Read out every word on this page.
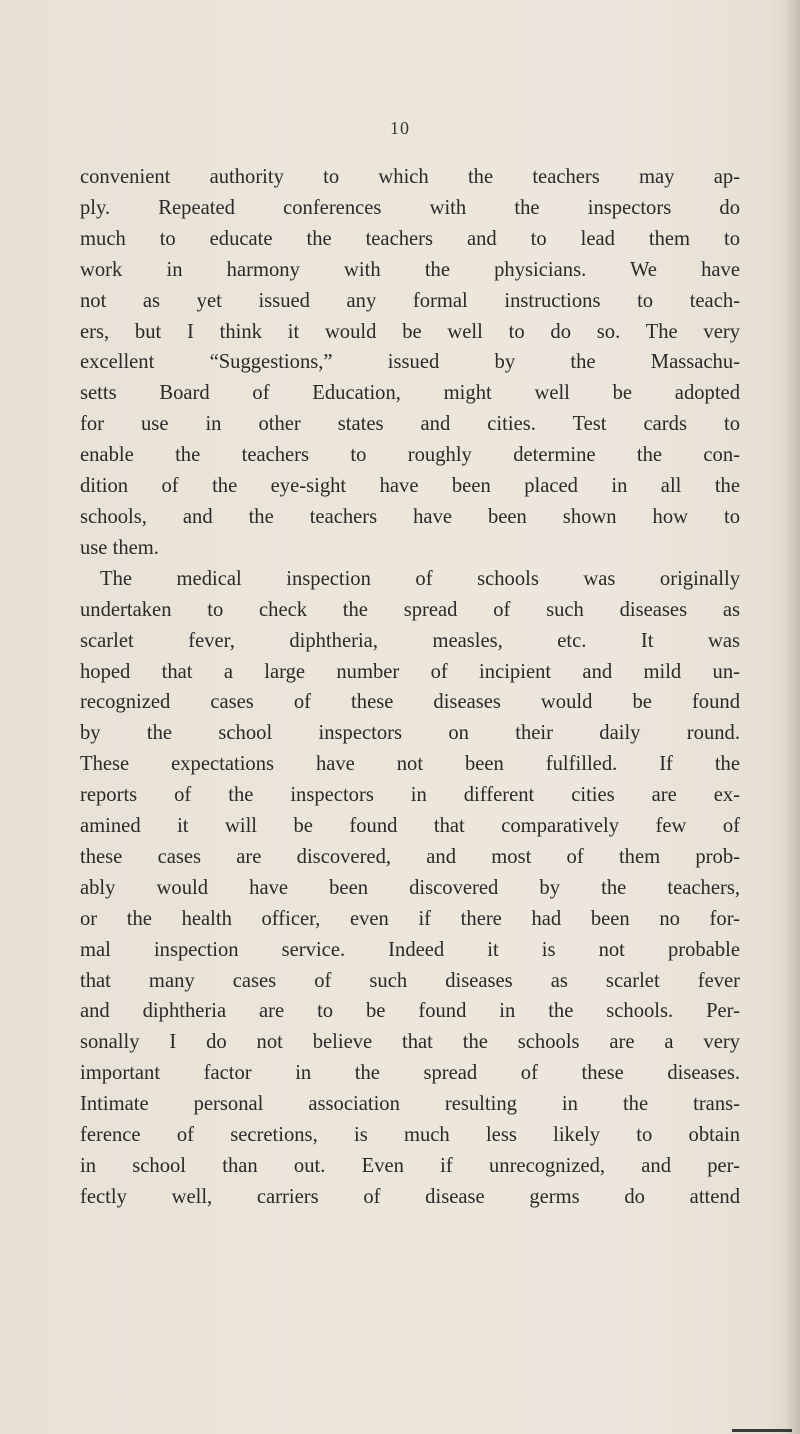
10
convenient authority to which the teachers may ap-
ply. Repeated conferences with the inspectors do
much to educate the teachers and to lead them to
work in harmony with the physicians. We have
not as yet issued any formal instructions to teach-
ers, but I think it would be well to do so. The very
excellent “Suggestions,” issued by the Massachu-
setts Board of Education, might well be adopted
for use in other states and cities. Test cards to
enable the teachers to roughly determine the con-
dition of the eye-sight have been placed in all the
schools, and the teachers have been shown how to
use them.
The medical inspection of schools was originally
undertaken to check the spread of such diseases as
scarlet fever, diphtheria, measles, etc. It was
hoped that a large number of incipient and mild un-
recognized cases of these diseases would be found
by the school inspectors on their daily round.
These expectations have not been fulfilled. If the
reports of the inspectors in different cities are ex-
amined it will be found that comparatively few of
these cases are discovered, and most of them prob-
ably would have been discovered by the teachers,
or the health officer, even if there had been no for-
mal inspection service. Indeed it is not probable
that many cases of such diseases as scarlet fever
and diphtheria are to be found in the schools. Per-
sonally I do not believe that the schools are a very
important factor in the spread of these diseases.
Intimate personal association resulting in the trans-
ference of secretions, is much less likely to obtain
in school than out. Even if unrecognized, and per-
fectly well, carriers of disease germs do attend
